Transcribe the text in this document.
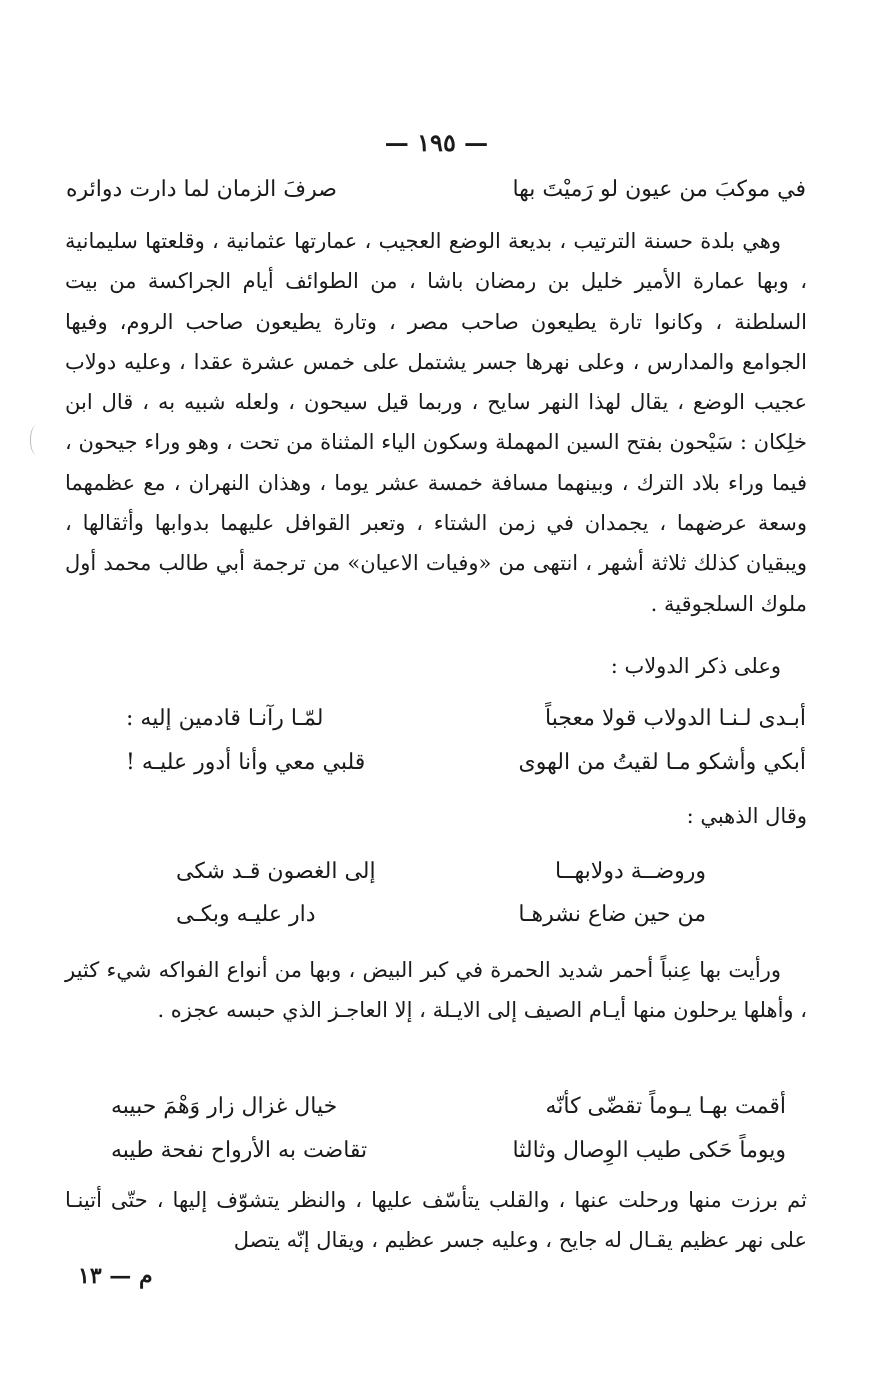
— ١٩٥ —
في موكبَ من عيون لو رَميْتَ بها
صرفَ الزمان لما دارت دوائره

وهي بلدة حسنة الترتيب ، بديعة الوضع العجيب ، عمارتها عثمانية ، وقلعتها سليمانية ، وبها عمارة الأمير خليل بن رمضان باشا ، من الطوائف أيام الجراكسة من بيت السلطنة ، وكانوا تارة يطيعون صاحب مصر ، وتارة يطيعون صاحب الروم، وفيها الجوامع والمدارس ، وعلى نهرها جسر يشتمل على خمس عشرة عقدا ، وعليه دولاب عجيب الوضع ، يقال لهذا النهر سايح ، وربما قيل سيحون ، ولعله شبيه به ، قال ابن خلِكان : سَيْحون بفتح السين المهملة وسكون الياء المثناة من تحت ، وهو وراء جيحون ، فيما وراء بلاد الترك ، وبينهما مسافة خمسة عشر يوما ، وهذان النهران ، مع عظمهما وسعة عرضهما ، يجمدان في زمن الشتاء ، وتعبر القوافل عليهما بدوابها وأثقالها ، ويبقيان كذلك ثلاثة أشهر ، انتهى من «وفيات الاعيان» من ترجمة أبي طالب محمد أول ملوك السلجوقية .

وعلى ذكر الدولاب :

أبـدى لـنـا الدولاب قولا معجباً
لمّـا رآنـا قادمين إليه :
أبكي وأشكو مـا لقيتُ من الهوى
قلبي معي وأنا أدور عليـه !

وقال الذهبي :

وروضــة دولابهــا
إلى الغصون قـد شكى
من حين ضاع نشرهـا
دار عليـه وبكـى

ورأيت بها عِنباً أحمر شديد الحمرة في كبر البيض ، وبها من أنواع الفواكه شيء كثير ، وأهلها يرحلون منها أيـام الصيف إلى الايـلة ، إلا العاجـز الذي حبسه عجزه .

أقمت بهـا يـوماً تقضّى كأنّه
خيال غزال زار وَهْمَ حبيبه
ويوماً حَكى طيب الوِصال وثالثا
تقاضت به الأرواح نفحة طيبه

ثم برزت منها ورحلت عنها ، والقلب يتأسّف عليها ، والنظر يتشوّف إليها ، حتّى أتينـا على نهر عظيم يقـال له جايح ، وعليه جسر عظيم ، ويقال إنّه يتصل

م — ١٣
